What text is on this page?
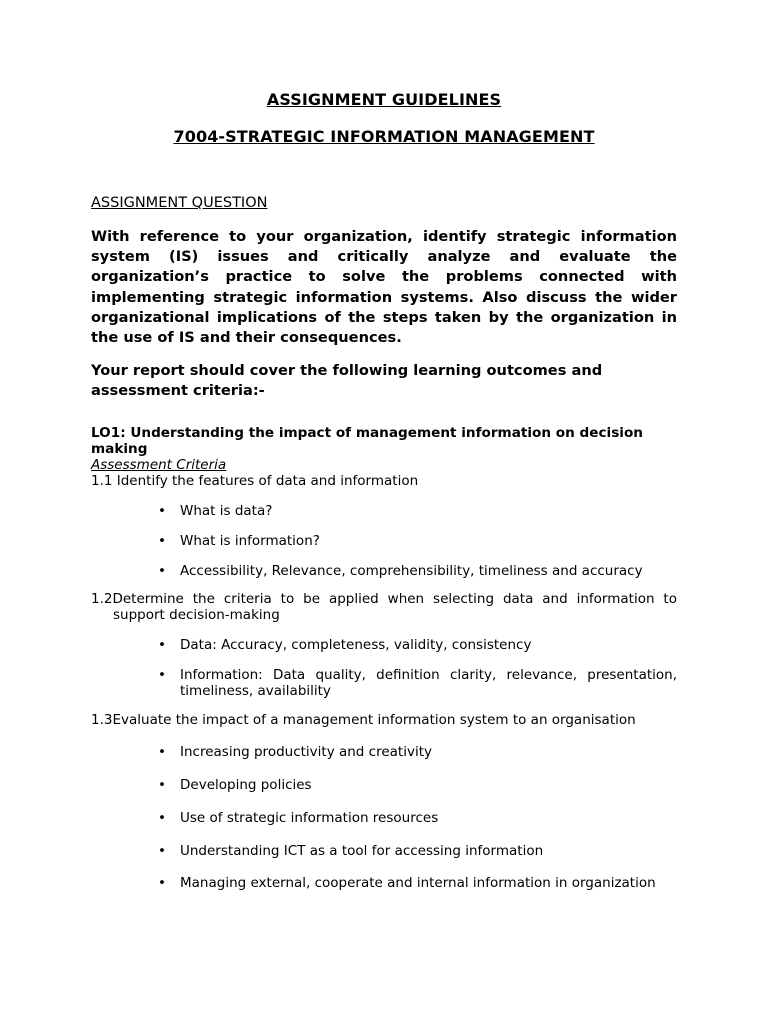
ASSIGNMENT GUIDELINES
7004-STRATEGIC INFORMATION MANAGEMENT
ASSIGNMENT QUESTION
With reference to your organization, identify strategic information
system (IS) issues and critically analyze and evaluate the
organization’s practice to solve the problems connected with
implementing strategic information systems. Also discuss the wider
organizational implications of the steps taken by the organization in
the use of IS and their consequences.
Your report should cover the following learning outcomes and
assessment criteria:-
LO1: Understanding the impact of management information on decision making
Assessment Criteria
1.1 Identify the features of data and information
•	What is data?
•	What is information?
•	Accessibility, Relevance, comprehensibility, timeliness and accuracy
1.2Determine the criteria to be applied when selecting data and information to
support decision-making
•	Data: Accuracy, completeness, validity, consistency
• Information: Data quality, definition clarity, relevance, presentation,
timeliness, availability
1.3Evaluate the impact of a management information system to an organisation
•	Increasing productivity and creativity
•	Developing policies
•	Use of strategic information resources
•	Understanding ICT as a tool for accessing information
•	Managing external, cooperate and internal information in organization
